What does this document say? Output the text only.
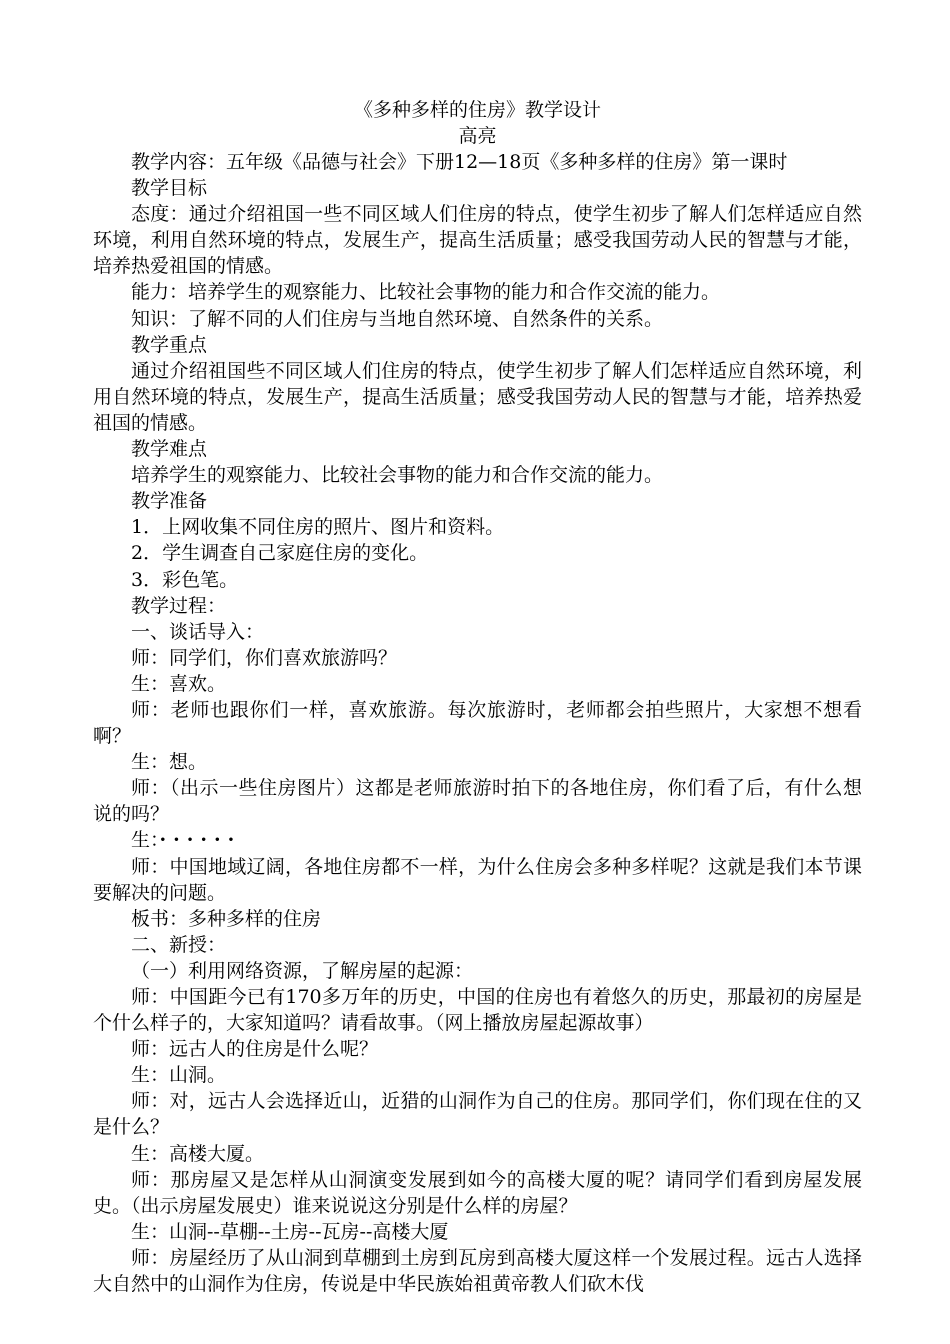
《多种多样的住房》教学设计
高亮
教学内容：五年级《品德与社会》下册12—18页《多种多样的住房》第一课时
教学目标
态度：通过介绍祖国一些不同区域人们住房的特点，使学生初步了解人们怎样适应自然环境，利用自然环境的特点，发展生产，提高生活质量；感受我国劳动人民的智慧与才能，培养热爱祖国的情感。
能力：培养学生的观察能力、比较社会事物的能力和合作交流的能力。
知识：了解不同的人们住房与当地自然环境、自然条件的关系。
教学重点
通过介绍祖国些不同区域人们住房的特点，使学生初步了解人们怎样适应自然环境，利用自然环境的特点，发展生产，提高生活质量；感受我国劳动人民的智慧与才能，培养热爱祖国的情感。
教学难点
培养学生的观察能力、比较社会事物的能力和合作交流的能力。
教学准备
1．上网收集不同住房的照片、图片和资料。
2．学生调查自己家庭住房的变化。
3．彩色笔。
教学过程：
一、谈话导入：
师：同学们，你们喜欢旅游吗？
生：喜欢。
师：老师也跟你们一样，喜欢旅游。每次旅游时，老师都会拍些照片，大家想不想看啊？
生：想。
师：（出示一些住房图片）这都是老师旅游时拍下的各地住房，你们看了后，有什么想说的吗？
生：······
师：中国地域辽阔，各地住房都不一样，为什么住房会多种多样呢？这就是我们本节课要解决的问题。
板书：多种多样的住房
二、新授：
（一）利用网络资源，了解房屋的起源：
师：中国距今已有170多万年的历史，中国的住房也有着悠久的历史，那最初的房屋是个什么样子的，大家知道吗？请看故事。（网上播放房屋起源故事）
师：远古人的住房是什么呢？
生：山洞。
师：对，远古人会选择近山，近猎的山洞作为自己的住房。那同学们，你们现在住的又是什么？
生：高楼大厦。
师：那房屋又是怎样从山洞演变发展到如今的高楼大厦的呢？请同学们看到房屋发展史。（出示房屋发展史）谁来说说这分别是什么样的房屋？
生：山洞--草棚--土房--瓦房--高楼大厦
师：房屋经历了从山洞到草棚到土房到瓦房到高楼大厦这样一个发展过程。远古人选择大自然中的山洞作为住房，传说是中华民族始祖黄帝教人们砍木伐
